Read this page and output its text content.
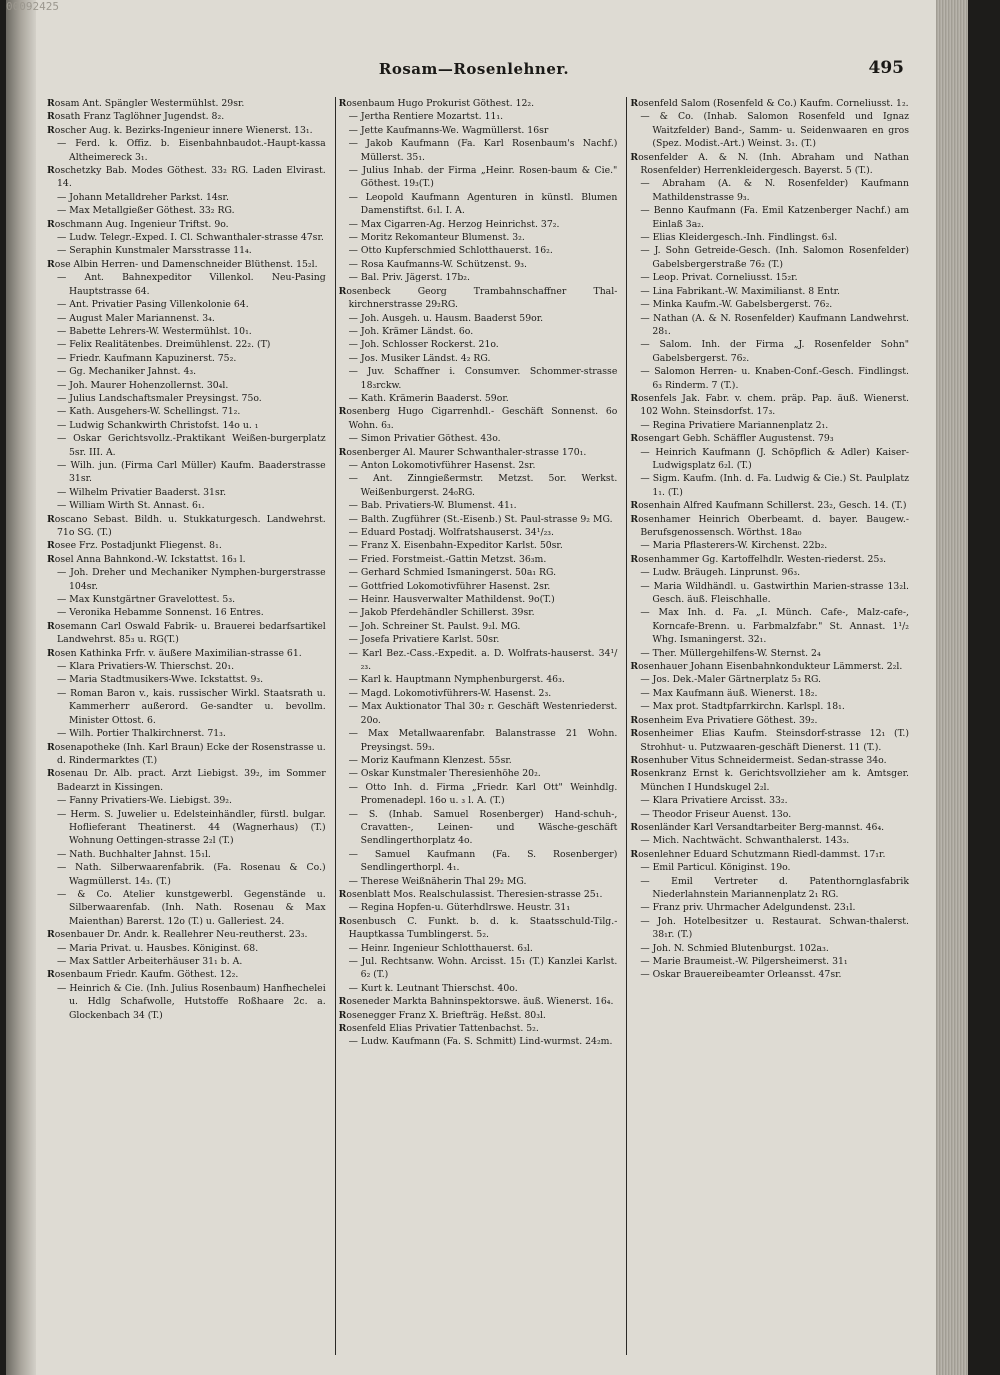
00092425
Rosam—Rosenlehner.	495

Rosam Ant. Spängler Westermühlst. 29sr.

Rosath Franz Taglöhner Jugendst. 8₂.

Roscher Aug. k. Bezirks-Ingenieur innere Wienerst. 13₁.

— Ferd. k. Offiz. b. Eisenbahnbaudot.-Haupt-kassa Altheimereck 3₁.

Roschetzky Bab. Modes Göthest. 33₂ RG. Laden Elvirast. 14.

— Johann Metalldreher Parkst. 14sr.

— Max Metallgießer Göthest. 33₂ RG.

Roschmann Aug. Ingenieur Triftst. 9o.

— Ludw. Telegr.-Exped. I. Cl. Schwanthaler-strasse 47sr.

— Seraphin Kunstmaler Marsstrasse 11₄.

Rose Albin Herren- und Damenschneider Blüthenst. 15₂l.

— Ant. Bahnexpeditor Villenkol. Neu-Pasing Hauptstrasse 64.

— Ant. Privatier Pasing Villenkolonie 64.

— August Maler Mariannenst. 3₄.

— Babette Lehrers-W. Westermühlst. 10₁.

— Felix Realitätenbes. Dreimühlenst. 22₂. (T)

— Friedr. Kaufmann Kapuzinerst. 75₂.

— Gg. Mechaniker Jahnst. 4₃.

— Joh. Maurer Hohenzollernst. 30₄l.

— Julius Landschaftsmaler Preysingst. 75o.

— Kath. Ausgehers-W. Schellingst. 71₂.

— Ludwig Schankwirth Christofst. 14o u. ₁

— Oskar Gerichtsvollz.-Praktikant Weißen-burgerplatz 5sr. III. A.

— Wilh. jun. (Firma Carl Müller) Kaufm. Baaderstrasse 31sr.

— Wilhelm Privatier Baaderst. 31sr.

— William Wirth St. Annast. 6₁.

Roscano Sebast. Bildh. u. Stukkaturgesch. Landwehrst. 71o SG. (T.)

Rosee Frz. Postadjunkt Fliegenst. 8₁.

Rosel Anna Bahnkond.-W. Ickstattst. 16₃ l.

— Joh. Dreher und Mechaniker Nymphen-burgerstrasse 104sr.

— Max Kunstgärtner Gravelottest. 5₃.

— Veronika Hebamme Sonnenst. 16 Entres.

Rosemann Carl Oswald Fabrik- u. Brauerei bedarfsartikel Landwehrst. 85₃ u. RG(T.)

Rosen Kathinka Frfr. v. äußere Maximilian-strasse 61.

— Klara Privatiers-W. Thierschst. 20₁.

— Maria Stadtmusikers-Wwe. Ickstattst. 9₃.

— Roman Baron v., kais. russischer Wirkl. Staatsrath u. Kammerherr außerord. Ge-sandter u. bevollm. Minister Ottost. 6.

— Wilh. Portier Thalkirchnerst. 71₃.

Rosenapotheke (Inh. Karl Braun) Ecke der Rosenstrasse u. d. Rindermarktes (T.)

Rosenau Dr. Alb. pract. Arzt Liebigst. 39₂, im Sommer Badearzt in Kissingen.

— Fanny Privatiers-We. Liebigst. 39₂.

— Herm. S. Juwelier u. Edelsteinhändler, fürstl. bulgar. Hoflieferant Theatinerst. 44 (Wagnerhaus) (T.) Wohnung Oettingen-strasse 2₂l (T.)

— Nath. Buchhalter Jahnst. 15₁l.

— Nath. Silberwaarenfabrik. (Fa. Rosenau & Co.) Wagmüllerst. 14₃. (T.)

— & Co. Atelier kunstgewerbl. Gegenstände u. Silberwaarenfab. (Inh. Nath. Rosenau & Max Maienthan) Barerst. 12o (T.) u. Galleriest. 24.

Rosenbauer Dr. Andr. k. Reallehrer Neu-reutherst. 23₃.

— Maria Privat. u. Hausbes. Königinst. 68.

— Max Sattler Arbeiterhäuser 31₁ b. A.

Rosenbaum Friedr. Kaufm. Göthest. 12₂.

— Heinrich & Cie. (Inh. Julius Rosenbaum) Hanfhechelei u. Hdlg Schafwolle, Hutstoffe Roßhaare 2c. a. Glockenbach 34 (T.)

Rosenbaum Hugo Prokurist Göthest. 12₂.

— Jertha Rentiere Mozartst. 11₁.

— Jette Kaufmanns-We. Wagmüllerst. 16sr

— Jakob Kaufmann (Fa. Karl Rosenbaum's Nachf.) Müllerst. 35₁.

— Julius Inhab. der Firma „Heinr. Rosen-baum & Cie." Göthest. 19₃(T.)

— Leopold Kaufmann Agenturen in künstl. Blumen Damenstiftst. 6₁l. I. A.

— Max Cigarren-Ag. Herzog Heinrichst. 37₂.

— Moritz Rekomanteur Blumenst. 3₂.

— Otto Kupferschmied Schlotthauerst. 16₂.

— Rosa Kaufmanns-W. Schützenst. 9₃.

— Bal. Priv. Jägerst. 17b₂.

Rosenbeck Georg Trambahnschaffner Thal-kirchnerstrasse 29₂RG.

— Joh. Ausgeh. u. Hausm. Baaderst 59or.

— Joh. Krämer Ländst. 6o.

— Joh. Schlosser Rockerst. 21o.

— Jos. Musiker Ländst. 4₂ RG.

— Juv. Schaffner i. Consumver. Schommer-strasse 18₃rckw.

— Kath. Krämerin Baaderst. 59or.

Rosenberg Hugo Cigarrenhdl.- Geschäft Sonnenst. 6o Wohn. 6₃.

— Simon Privatier Göthest. 43o.

Rosenberger Al. Maurer Schwanthaler-strasse 170₁.

— Anton Lokomotivführer Hasenst. 2sr.

— Ant. Zinngießermstr. Metzst. 5or. Werkst. Weißenburgerst. 24₀RG.

— Bab. Privatiers-W. Blumenst. 41₁.

— Balth. Zugführer (St.-Eisenb.) St. Paul-strasse 9₂ MG.

— Eduard Postadj. Wolfratshauserst. 34¹/₂₃.

— Franz X. Eisenbahn-Expeditor Karlst. 50sr.

— Fried. Forstmeist.-Gattin Metzst. 36₃m.

— Gerhard Schmied Ismaningerst. 50a₁ RG.

— Gottfried Lokomotivführer Hasenst. 2sr.

— Heinr. Hausverwalter Mathildenst. 9o(T.)

— Jakob Pferdehändler Schillerst. 39sr.

— Joh. Schreiner St. Paulst. 9₂l. MG.

— Josefa Privatiere Karlst. 50sr.

— Karl Bez.-Cass.-Expedit. a. D. Wolfrats-hauserst. 34¹/₂₃.

— Karl k. Hauptmann Nymphenburgerst. 46₃.

— Magd. Lokomotivführers-W. Hasenst. 2₃.

— Max Auktionator Thal 30₂ r. Geschäft Westenriederst. 20o.

— Max Metallwaarenfabr. Balanstrasse 21 Wohn. Preysingst. 59₃.

— Moriz Kaufmann Klenzest. 55sr.

— Oskar Kunstmaler Theresienhöhe 20₂.

— Otto Inh. d. Firma „Friedr. Karl Ott" Weinhdlg. Promenadepl. 16o u. ₃ l. A. (T.)

— S. (Inhab. Samuel Rosenberger) Hand-schuh-, Cravatten-, Leinen- und Wäsche-geschäft Sendlingerthorplatz 4o.

— Samuel Kaufmann (Fa. S. Rosenberger) Sendlingerthorpl. 4₁.

— Therese Weißnäherin Thal 29₂ MG.

Rosenblatt Mos. Realschulassist. Theresien-strasse 25₁.

— Regina Hopfen-u. Güterhdlrswe. Heustr. 31₁

Rosenbusch C. Funkt. b. d. k. Staatsschuld-Tilg.-Hauptkassa Tumblingerst. 5₂.

— Heinr. Ingenieur Schlotthauerst. 6₃l.

— Jul. Rechtsanw. Wohn. Arcisst. 15₁ (T.) Kanzlei Karlst. 6₂ (T.)

— Kurt k. Leutnant Thierschst. 40o.

Roseneder Markta Bahninspektorswe. äuß. Wienerst. 16₄.

Rosenegger Franz X. Briefträg. Heßst. 80₃l.

Rosenfeld Elias Privatier Tattenbachst. 5₂.

— Ludw. Kaufmann (Fa. S. Schmitt) Lind-wurmst. 24₂m.

Rosenfeld Salom (Rosenfeld & Co.) Kaufm. Corneliusst. 1₂.

— & Co. (Inhab. Salomon Rosenfeld und Ignaz Waitzfelder) Band-, Samm- u. Seidenwaaren en gros (Spez. Modist.-Art.) Weinst. 3₁. (T.)

Rosenfelder A. & N. (Inh. Abraham und Nathan Rosenfelder) Herrenkleidergesch. Bayerst. 5 (T.).

— Abraham (A. & N. Rosenfelder) Kaufmann Mathildenstrasse 9₃.

— Benno Kaufmann (Fa. Emil Katzenberger Nachf.) am Einlaß 3a₂.

— Elias Kleidergesch.-Inh. Findlingst. 6₃l.

— J. Sohn Getreide-Gesch. (Inh. Salomon Rosenfelder) Gabelsbergerstraße 76₂ (T.)

— Leop. Privat. Corneliusst. 15₂r.

— Lina Fabrikant.-W. Maximilianst. 8 Entr.

— Minka Kaufm.-W. Gabelsbergerst. 76₂.

— Nathan (A. & N. Rosenfelder) Kaufmann Landwehrst. 28₁.

— Salom. Inh. der Firma „J. Rosenfelder Sohn" Gabelsbergerst. 76₂.

— Salomon Herren- u. Knaben-Conf.-Gesch. Findlingst. 6₃ Rinderm. 7 (T.).

Rosenfels Jak. Fabr. v. chem. präp. Pap. äuß. Wienerst. 102 Wohn. Steinsdorfst. 17₃.

— Regina Privatiere Mariannenplatz 2₁.

Rosengart Gebh. Schäffler Augustenst. 79₃

— Heinrich Kaufmann (J. Schöpflich & Adler) Kaiser-Ludwigsplatz 6₂l. (T.)

— Sigm. Kaufm. (Inh. d. Fa. Ludwig & Cie.) St. Paulplatz 1₁. (T.)

Rosenhain Alfred Kaufmann Schillerst. 23₂, Gesch. 14. (T.)

Rosenhamer Heinrich Oberbeamt. d. bayer. Baugew.-Berufsgenossensch. Wörthst. 18a₀

— Maria Pflasterers-W. Kirchenst. 22b₂.

Rosenhammer Gg. Kartoffelhdlr. Westen-riederst. 25₃.

— Ludw. Bräugeh. Linprunst. 96₃.

— Maria Wildhändl. u. Gastwirthin Marien-strasse 13₂l. Gesch. äuß. Fleischhalle.

— Max Inh. d. Fa. „I. Münch. Cafe-, Malz-cafe-, Korncafe-Brenn. u. Farbmalzfabr." St. Annast. 1¹/₂ Whg. Ismaningerst. 32₁.

— Ther. Müllergehilfens-W. Sternst. 2₄

Rosenhauer Johann Eisenbahnkondukteur Lämmerst. 2₂l.

— Jos. Dek.-Maler Gärtnerplatz 5₃ RG.

— Max Kaufmann äuß. Wienerst. 18₂.

— Max prot. Stadtpfarrkirchn. Karlspl. 18₁.

Rosenheim Eva Privatiere Göthest. 39₂.

Rosenheimer Elias Kaufm. Steinsdorf-strasse 12₁ (T.) Strohhut- u. Putzwaaren-geschäft Dienerst. 11 (T.).

Rosenhuber Vitus Schneidermeist. Sedan-strasse 34o.

Rosenkranz Ernst k. Gerichtsvollzieher am k. Amtsger. München I Hundskugel 2₂l.

— Klara Privatiere Arcisst. 33₂.

— Theodor Friseur Auenst. 13o.

Rosenländer Karl Versandtarbeiter Berg-mannst. 46₄.

— Mich. Nachtwächt. Schwanthalerst. 143₃.

Rosenlehner Eduard Schutzmann Riedl-dammst. 17₁r.

— Emil Particul. Königinst. 19o.

— Emil Vertreter d. Patenthornglasfabrik Niederlahnstein Mariannenplatz 2₁ RG.

— Franz priv. Uhrmacher Adelgundenst. 23₁l.

— Joh. Hotelbesitzer u. Restaurat. Schwan-thalerst. 38₁r. (T.)

— Joh. N. Schmied Blutenburgst. 102a₃.

— Marie Braumeist.-W. Pilgersheimerst. 31₁

— Oskar Brauereibeamter Orleansst. 47sr.
